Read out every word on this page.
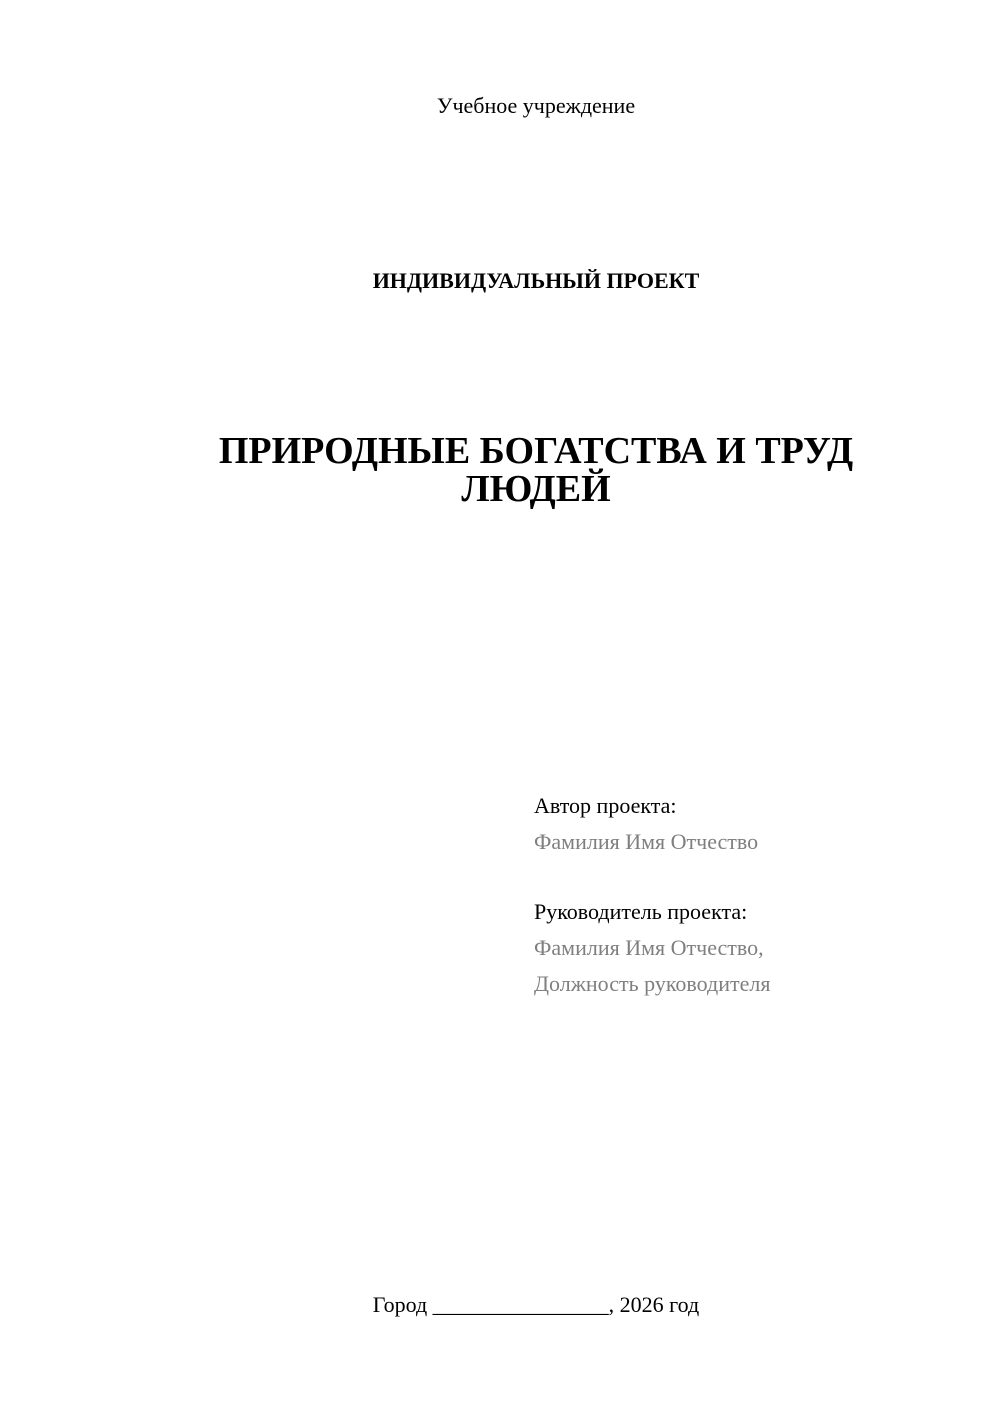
Учебное учреждение
ИНДИВИДУАЛЬНЫЙ ПРОЕКТ
ПРИРОДНЫЕ БОГАТСТВА И ТРУД
ЛЮДЕЙ
Автор проекта:
Фамилия Имя Отчество
Руководитель проекта:
Фамилия Имя Отчество,
Должность руководителя
Город ________________, 2026 год
